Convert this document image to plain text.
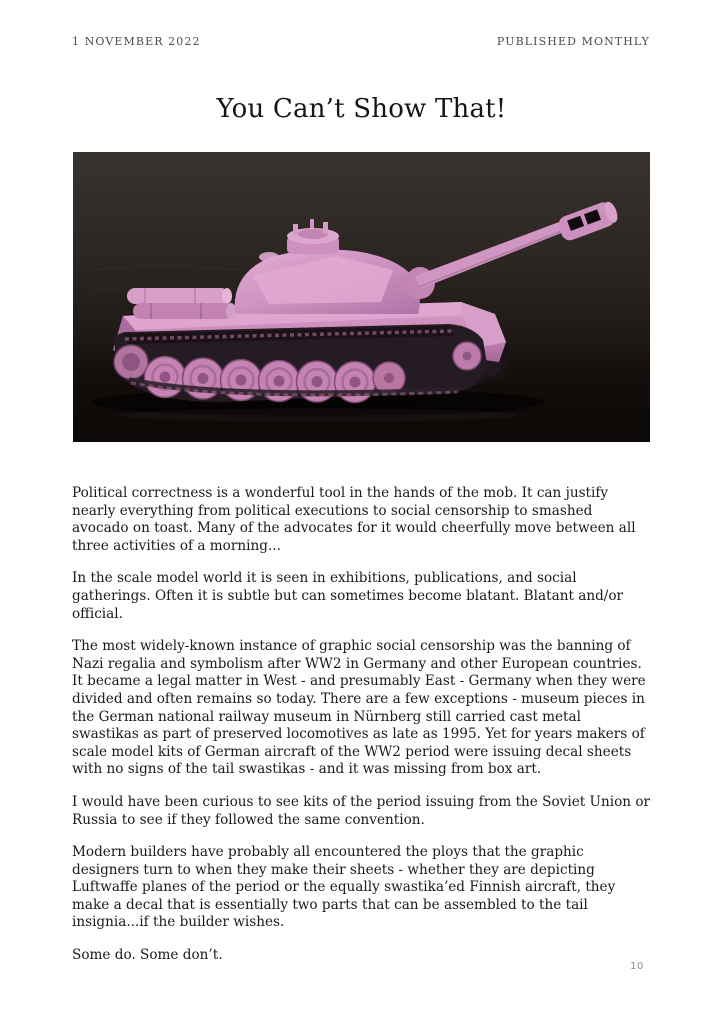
1 NOVEMBER 2022	PUBLISHED MONTHLY
You Can’t Show That!

Political correctness is a wonderful tool in the hands of the mob. It can justify nearly everything from political executions to social censorship to smashed avocado on toast. Many of the advocates for it would cheerfully move between all three activities of a morning...

In the scale model world it is seen in exhibitions, publications, and social gatherings. Often it is subtle but can sometimes become blatant. Blatant and/or official.

The most widely-known instance of graphic social censorship was the banning of Nazi regalia and symbolism after WW2 in Germany and other European countries. It became a legal matter in West - and presumably East - Germany when they were divided and often remains so today. There are a few exceptions - museum pieces in the German national railway museum in Nürnberg still carried cast metal swastikas as part of preserved locomotives as late as 1995. Yet for years makers of scale model kits of German aircraft of the WW2 period were issuing decal sheets with no signs of the tail swastikas - and it was missing from box art.

I would have been curious to see kits of the period issuing from the Soviet Union or Russia to see if they followed the same convention.

Modern builders have probably all encountered the ploys that the graphic designers turn to when they make their sheets - whether they are depicting Luftwaffe planes of the period or the equally swastika’ed Finnish aircraft, they make a decal that is essentially two parts that can be assembled to the tail insignia...if the builder wishes.

Some do. Some don’t.

10
